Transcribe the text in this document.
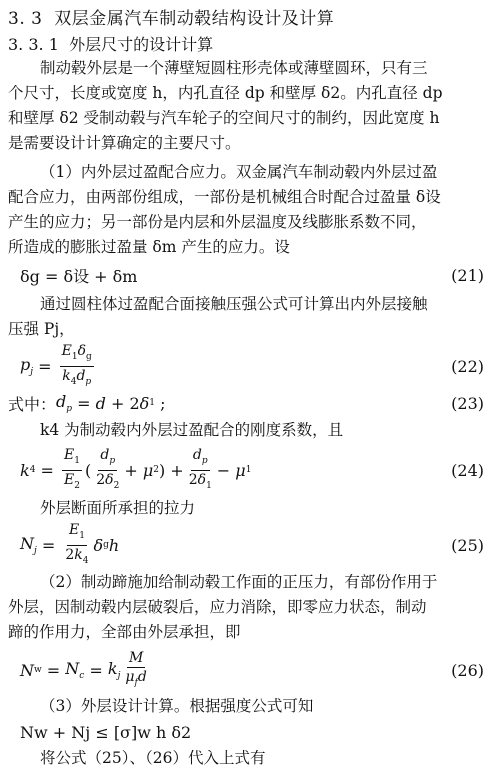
3. 3 双层金属汽车制动毂结构设计及计算
3. 3. 1 外层尺寸的设计计算
制动毂外层是一个薄壁短圆柱形壳体或薄壁圆环，只有三
个尺寸，长度或宽度 h，内孔直径 dp 和壁厚 δ2。内孔直径 dp
和壁厚 δ2 受制动毂与汽车轮子的空间尺寸的制约，因此宽度 h
是需要设计计算确定的主要尺寸。
（1）内外层过盈配合应力。双金属汽车制动毂内外层过盈
配合应力，由两部份组成，一部份是机械组合时配合过盈量 δ设
产生的应力；另一部份是内层和外层温度及线膨胀系数不同，
所造成的膨胀过盈量 δm 产生的应力。设
δg = δ设 + δm	(21)
通过圆柱体过盈配合面接触压强公式可计算出内外层接触
压强 Pj，
$p_j = \frac{E_1\delta_g}{k_4d_p}$	(22)
式中： $d_p = d + 2$ δ 1 ;	(23)
k4 为制动毂内外层过盈配合的刚度系数，且
k $4 = \frac{E_1}{E_2}$ ( $\frac{d_p}{2\delta_2} + \mu$ 2 ) + $\frac{d_p}{2\delta_1} - \mu$ 1	(24)
外层断面所承担的拉力
$N_j = \frac{E_1}{2k_4}$ δ g h	(25)
（2）制动蹄施加给制动毂工作面的正压力，有部份作用于
外层，因制动毂内层破裂后，应力消除，即零应力状态，制动
蹄的作用力，全部由外层承担，即
N $w = N_c = k_j \frac{M}{\mu_fd}$	(26)
（3）外层设计计算。根据强度公式可知
Nw + Nj ≤ [σ]w h δ2
将公式（25）、（26）代入上式有
